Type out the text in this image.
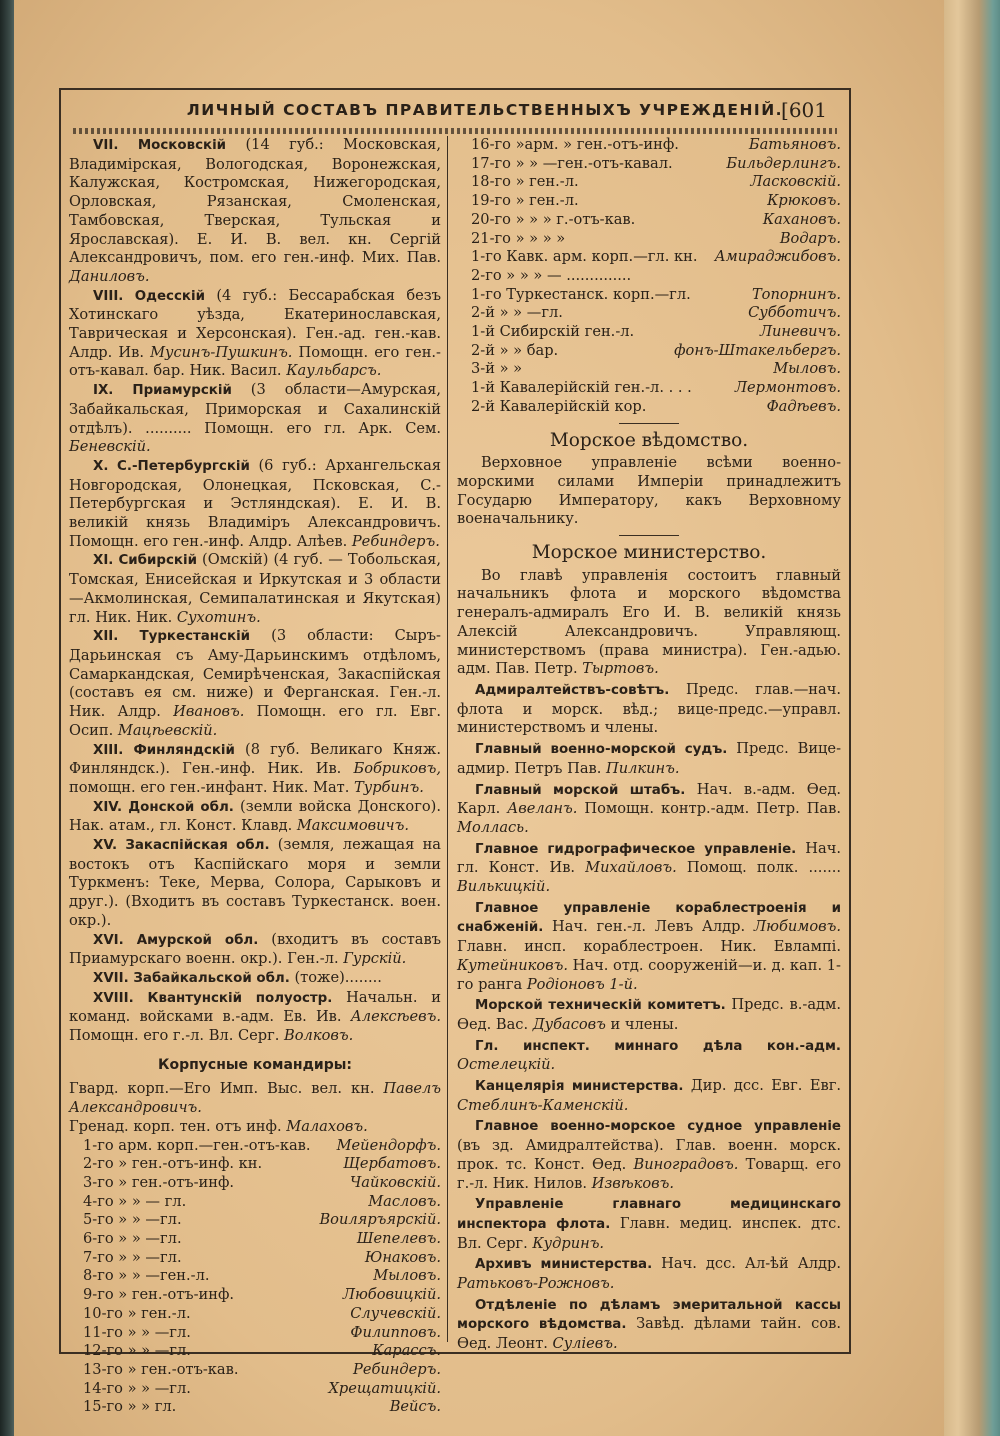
ЛИЧНЫЙ СОСТАВЪ ПРАВИТЕЛЬСТВЕННЫХЪ УЧРЕЖДЕНІЙ.
[601

VII. Московскій (14 губ.: Московская, Владимірская, Вологодская, Воронежская, Калужская, Костромская, Нижегородская, Орловская, Рязанская, Смоленская, Тамбовская, Тверская, Тульская и Ярославская). Е. И. В. вел. кн. Сергій Александровичъ, пом. его ген.-инф. Мих. Пав. Даниловъ.

VIII. Одесскій (4 губ.: Бессарабская безъ Хотинскаго уѣзда, Екатеринославская, Таврическая и Херсонская). Ген.-ад. ген.-кав. Алдр. Ив. Мусинъ-Пушкинъ. Помощн. его ген.-отъ-кавал. бар. Ник. Васил. Каульбарсъ.

IX. Приамурскій (3 области—Амурская, Забайкальская, Приморская и Сахалинскій отдѣлъ). .......... Помощн. его гл. Арк. Сем. Беневскій.

X. С.-Петербургскій (6 губ.: Архангельская Новгородская, Олонецкая, Псковская, С.-Петербургская и Эстляндская). Е. И. В. великій князь Владиміръ Александровичъ. Помощн. его ген.-инф. Алдр. Алѣев. Ребиндеръ.

XI. Сибирскій (Омскій) (4 губ. — Тобольская, Томская, Енисейская и Иркутская и 3 области—Акмолинская, Семипалатинская и Якутская) гл. Ник. Ник. Сухотинъ.

XII. Туркестанскій (3 области: Сыръ-Дарьинская съ Аму-Дарьинскимъ отдѣломъ, Самаркандская, Семирѣченская, Закаспійская (составъ ея см. ниже) и Ферганская. Ген.-л. Ник. Алдр. Ивановъ. Помощн. его гл. Евг. Осип. Мацѣевскій.

XIII. Финляндскій (8 губ. Великаго Княж. Финляндск.). Ген.-инф. Ник. Ив. Бобриковъ, помощн. его ген.-инфант. Ник. Мат. Турбинъ.

XIV. Донской обл. (земли войска Донского). Нак. атам., гл. Конст. Клавд. Максимовичъ.

XV. Закаспійская обл. (земля, лежащая на востокъ отъ Каспійскаго моря и земли Туркменъ: Теке, Мерва, Солора, Сарыковъ и друг.). (Входитъ въ составъ Туркестанск. воен. окр.).

XVI. Амурской обл. (входитъ въ составъ Приамурскаго военн. окр.). Ген.-л. Гурскій.

XVII. Забайкальской обл. (тоже)........

XVIII. Квантунскій полуостр. Начальн. и команд. войсками в.-адм. Ев. Ив. Алексѣевъ. Помощн. его г.-л. Вл. Серг. Волковъ.

Корпусные командиры:

Гвард. корп.—Его Имп. Выс. вел. кн. Павелъ Александровичъ.

Гренад. корп. тен. отъ инф. Малаховъ.

1-го арм. корп.—ген.-отъ-кав. Мейендорфъ.
2-го » ген.-отъ-инф. кн.	Щербатовъ.
3-го » ген.-отъ-инф.	Чайковскій.
4-го » » — гл.	Масловъ.
5-го » » —гл.	Воиляръярскій.
6-го » » —гл.	Шепелевъ.
7-го » » —гл.	Юнаковъ.
8-го » » —ген.-л.	Мыловъ.
9-го » ген.-отъ-инф.	Любовицкій.
10-го » ген.-л.	Случевскій.
11-го » » —гл.	Филипповъ.
12-го » » —гл.	Карассъ.
13-го » ген.-отъ-кав.	Ребиндеръ.
14-го » » —гл.	Хрещатицкій.
15-го » » гл.	Вейсъ.
16-го »арм. » ген.-отъ-инф.	Батьяновъ.
17-го » » —ген.-отъ-кавал.	Бильдерлингъ.
18-го » ген.-л.	Ласковскій.
19-го » ген.-л.	Крюковъ.
20-го » » » г.-отъ-кав.	Кахановъ.
21-го » » » »	Водаръ.
1-го Кавк. арм. корп.—гл. кн. Амираджибовъ.
2-го » » » — ..............
1-го Туркестанск. корп.—гл.	Топорнинъ.
2-й » » —гл.	Субботичъ.
1-й Сибирскій ген.-л.	Линевичъ.
2-й » » бар.	фонъ-Штакельбергъ.
3-й » »	Мыловъ.
1-й Кавалерійскій ген.-л. . . .	Лермонтовъ.
2-й Кавалерійскій кор.	Фадѣевъ.
Морское вѣдомство.

Верховное управленіе всѣми военно-морскими силами Имперіи принадлежитъ Государю Императору, какъ Верховному военачальнику.

Морское министерство.

Во главѣ управленія состоитъ главный начальникъ флота и морского вѣдомства генералъ-адмиралъ Его И. В. великій князь Алексій Александровичъ. Управляющ. министерствомъ (права министра). Ген.-адью. адм. Пав. Петр. Тыртовъ.

Адмиралтействъ-совѣтъ. Предс. глав.—нач. флота и морск. вѣд.; вице-предс.—управл. министерствомъ и члены.

Главный военно-морской судъ. Предс. Вице-адмир. Петръ Пав. Пилкинъ.

Главный морской штабъ. Нач. в.-адм. Ѳед. Карл. Авеланъ. Помощн. контр.-адм. Петр. Пав. Моллась.

Главное гидрографическое управленіе. Нач. гл. Конст. Ив. Михайловъ. Помощ. полк. ....... Вилькицкій.

Главное управленіе кораблестроенія и снабженій. Нач. ген.-л. Левъ Алдр. Любимовъ. Главн. инсп. кораблестроен. Ник. Евлампі. Кутейниковъ. Нач. отд. сооруженій—и. д. кап. 1-го ранга Родіоновъ 1-й.

Морской техническій комитетъ. Предс. в.-адм. Ѳед. Вас. Дубасовъ и члены.

Гл. инспект. миннаго дѣла кон.-адм. Остелецкій.

Канцелярія министерства. Дир. дсс. Евг. Евг. Стеблинъ-Каменскій.

Главное военно-морское судное управленіе (въ зд. Амидралтейства). Глав. военн. морск. прок. тс. Конст. Ѳед. Виноградовъ. Товарщ. его г.-л. Ник. Нилов. Извѣковъ.

Управленіе главнаго медицинскаго инспектора флота. Главн. медиц. инспек. дтс. Вл. Серг. Кудринъ.

Архивъ министерства. Нач. дсс. Ал-ѣй Алдр. Ратьковъ-Рожновъ.

Отдѣленіе по дѣламъ эмеритальной кассы морского вѣдомства. Завѣд. дѣлами тайн. сов. Ѳед. Леонт. Суліевъ.
